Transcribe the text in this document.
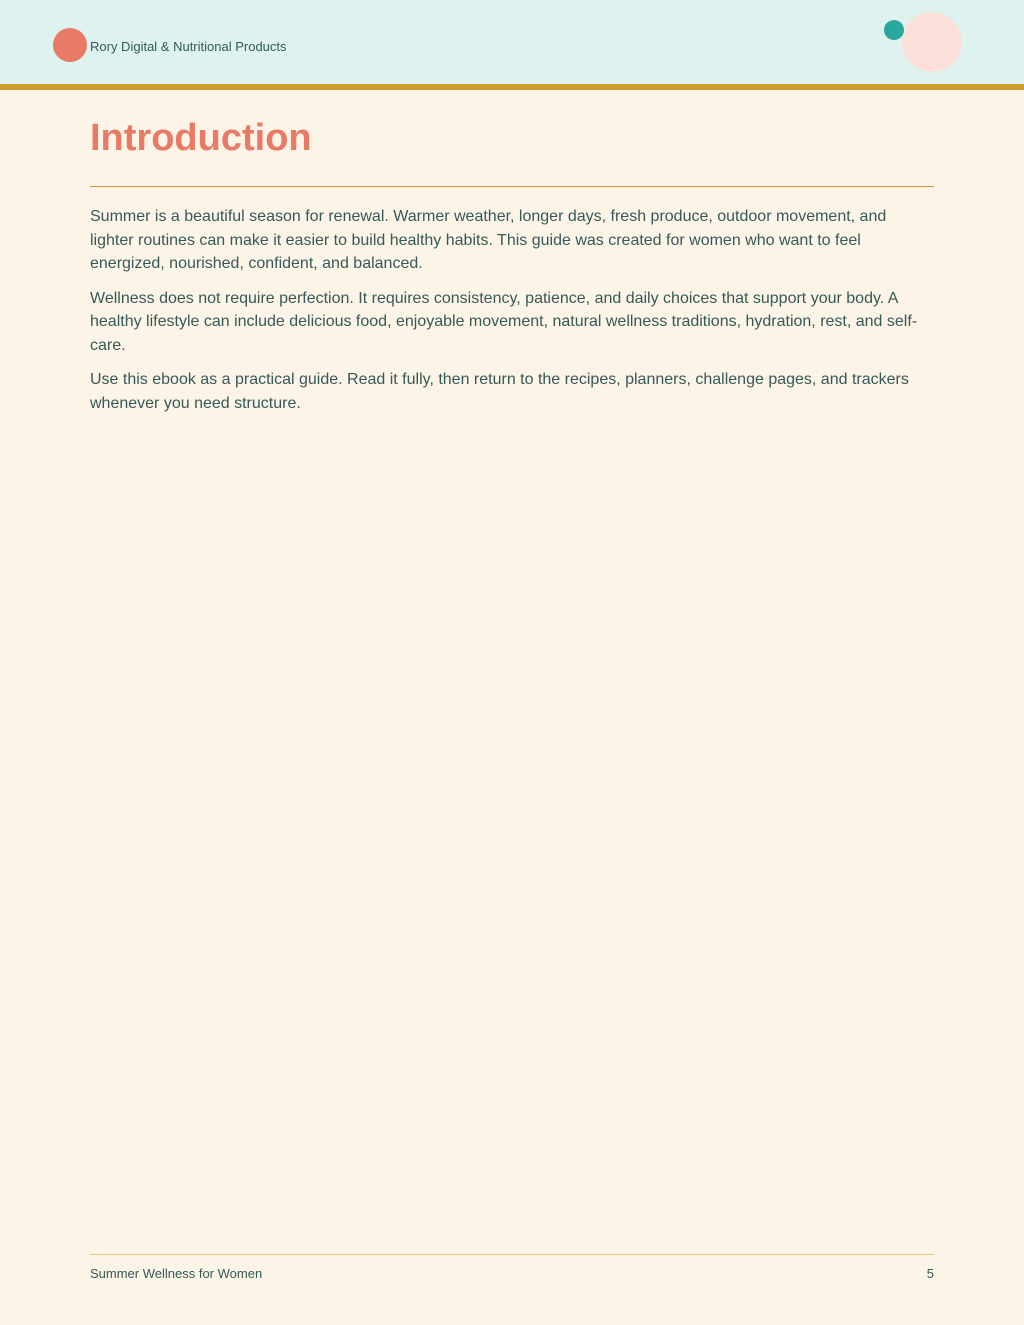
Rory Digital & Nutritional Products
Introduction

Summer is a beautiful season for renewal. Warmer weather, longer days, fresh produce, outdoor movement, and lighter routines can make it easier to build healthy habits. This guide was created for women who want to feel energized, nourished, confident, and balanced.

Wellness does not require perfection. It requires consistency, patience, and daily choices that support your body. A healthy lifestyle can include delicious food, enjoyable movement, natural wellness traditions, hydration, rest, and self-care.

Use this ebook as a practical guide. Read it fully, then return to the recipes, planners, challenge pages, and trackers whenever you need structure.

Summer Wellness for Women	5
